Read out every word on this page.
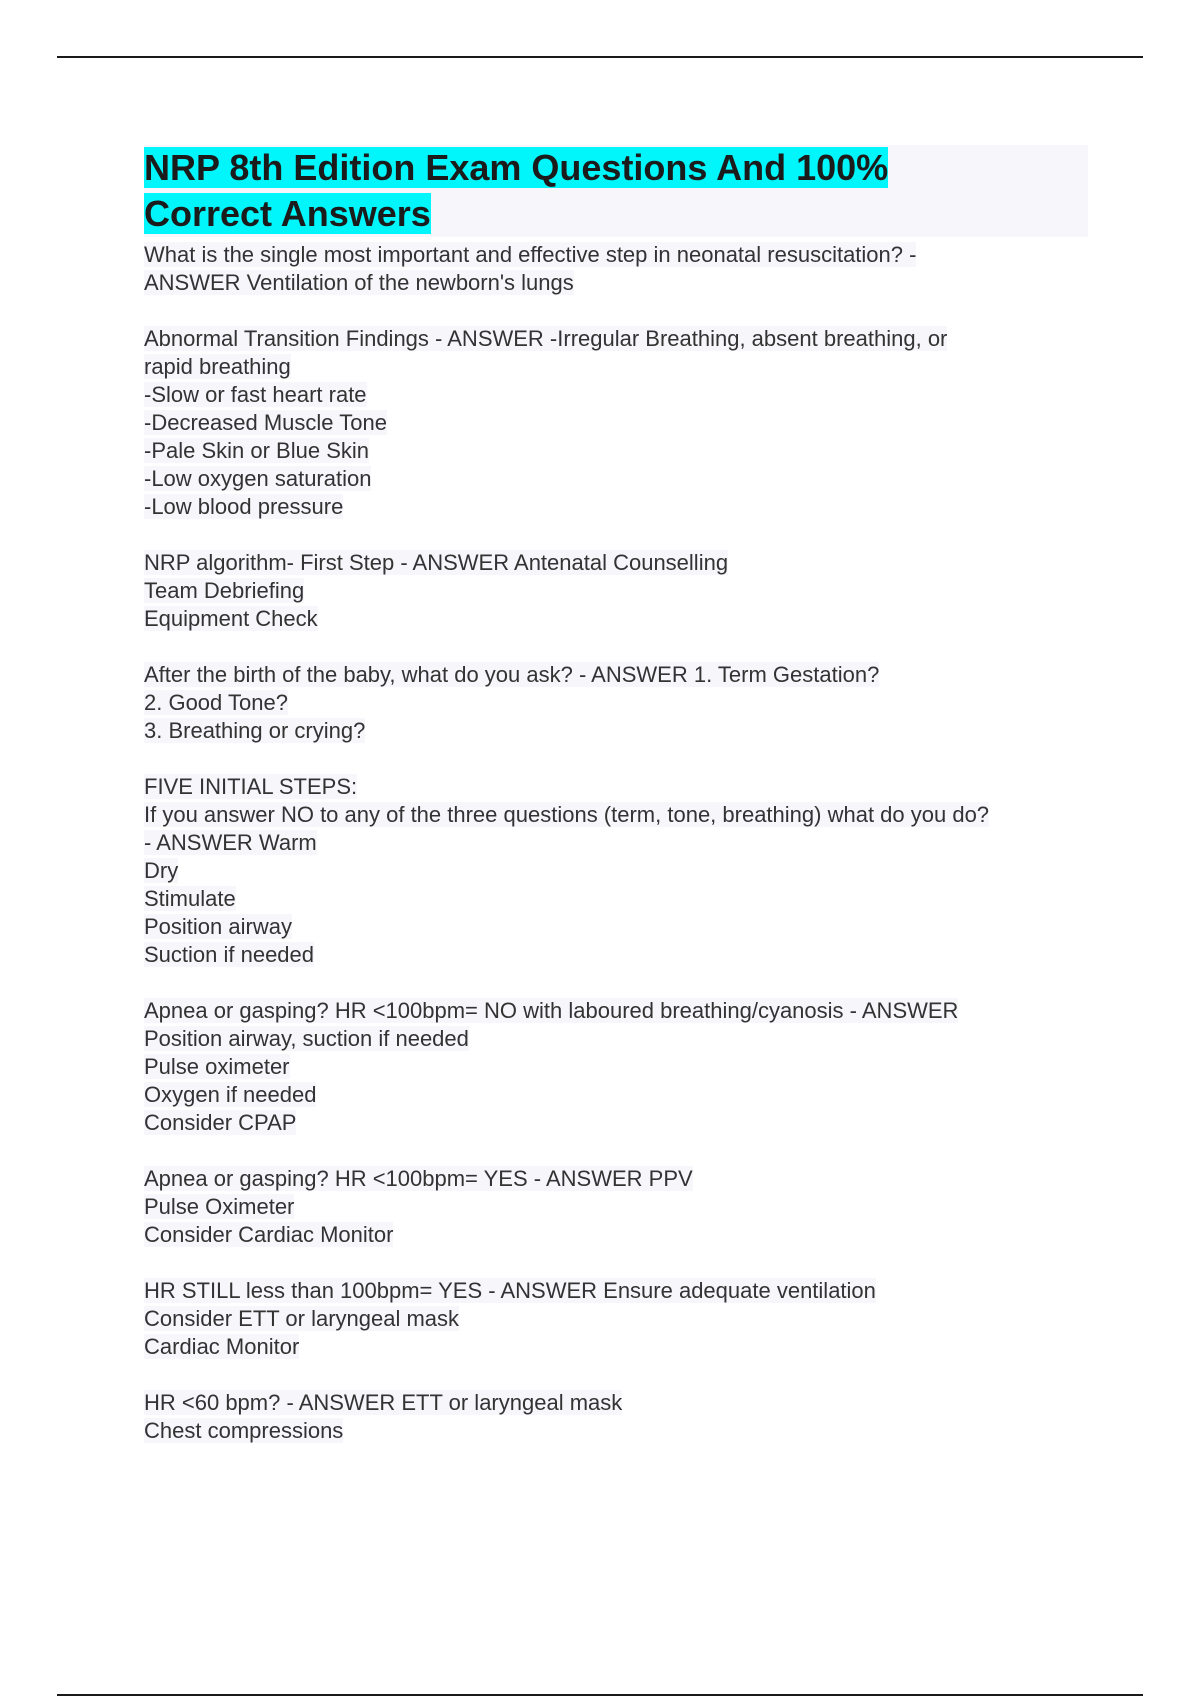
NRP 8th Edition Exam Questions And 100% Correct Answers
What is the single most important and effective step in neonatal resuscitation? -
ANSWER Ventilation of the newborn's lungs
Abnormal Transition Findings - ANSWER -Irregular Breathing, absent breathing, or
rapid breathing
-Slow or fast heart rate
-Decreased Muscle Tone
-Pale Skin or Blue Skin
-Low oxygen saturation
-Low blood pressure
NRP algorithm- First Step - ANSWER Antenatal Counselling
Team Debriefing
Equipment Check
After the birth of the baby, what do you ask? - ANSWER 1. Term Gestation?
2. Good Tone?
3. Breathing or crying?
FIVE INITIAL STEPS:
If you answer NO to any of the three questions (term, tone, breathing) what do you do?
- ANSWER Warm
Dry
Stimulate
Position airway
Suction if needed
Apnea or gasping? HR <100bpm= NO with laboured breathing/cyanosis - ANSWER
Position airway, suction if needed
Pulse oximeter
Oxygen if needed
Consider CPAP
Apnea or gasping? HR <100bpm= YES - ANSWER PPV
Pulse Oximeter
Consider Cardiac Monitor
HR STILL less than 100bpm= YES - ANSWER Ensure adequate ventilation
Consider ETT or laryngeal mask
Cardiac Monitor
HR <60 bpm? - ANSWER ETT or laryngeal mask
Chest compressions
